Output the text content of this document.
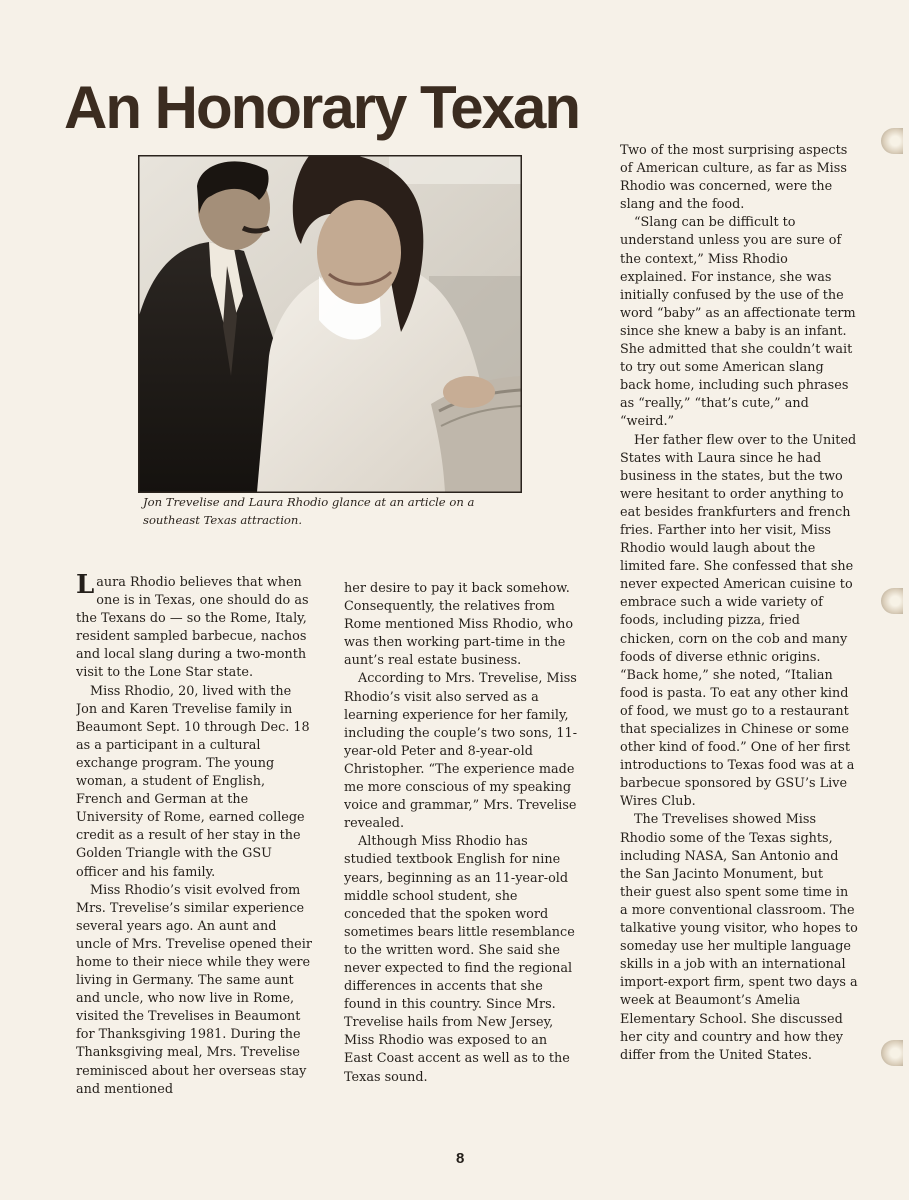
An Honorary Texan

Jon Trevelise and Laura Rhodio glance at an article on a southeast Texas attraction.

Laura Rhodio believes that when one is in Texas, one should do as the Texans do — so the Rome, Italy, resident sampled barbecue, nachos and local slang during a two-month visit to the Lone Star state.

Miss Rhodio, 20, lived with the Jon and Karen Trevelise family in Beaumont Sept. 10 through Dec. 18 as a participant in a cultural exchange program. The young woman, a student of English, French and German at the University of Rome, earned college credit as a result of her stay in the Golden Triangle with the GSU officer and his family.

Miss Rhodio’s visit evolved from Mrs. Trevelise’s similar experience several years ago. An aunt and uncle of Mrs. Trevelise opened their home to their niece while they were living in Germany. The same aunt and uncle, who now live in Rome, visited the Trevelises in Beaumont for Thanksgiving 1981. During the Thanksgiving meal, Mrs. Trevelise reminisced about her overseas stay and mentioned

her desire to pay it back somehow. Consequently, the relatives from Rome mentioned Miss Rhodio, who was then working part-time in the aunt’s real estate business.

According to Mrs. Trevelise, Miss Rhodio’s visit also served as a learning experience for her family, including the couple’s two sons, 11-year-old Peter and 8-year-old Christopher. “The experience made me more conscious of my speaking voice and grammar,” Mrs. Trevelise revealed.

Although Miss Rhodio has studied textbook English for nine years, beginning as an 11-year-old middle school student, she conceded that the spoken word sometimes bears little resemblance to the written word. She said she never expected to find the regional differences in accents that she found in this country. Since Mrs. Trevelise hails from New Jersey, Miss Rhodio was exposed to an East Coast accent as well as to the Texas sound.

Two of the most surprising aspects of American culture, as far as Miss Rhodio was concerned, were the slang and the food.

“Slang can be difficult to understand unless you are sure of the context,” Miss Rhodio explained. For instance, she was initially confused by the use of the word “baby” as an affectionate term since she knew a baby is an infant. She admitted that she couldn’t wait to try out some American slang back home, including such phrases as “really,” “that’s cute,” and “weird.”

Her father flew over to the United States with Laura since he had business in the states, but the two were hesitant to order anything to eat besides frankfurters and french fries. Farther into her visit, Miss Rhodio would laugh about the limited fare. She confessed that she never expected American cuisine to embrace such a wide variety of foods, including pizza, fried chicken, corn on the cob and many foods of diverse ethnic origins. “Back home,” she noted, “Italian food is pasta. To eat any other kind of food, we must go to a restaurant that specializes in Chinese or some other kind of food.” One of her first introductions to Texas food was at a barbecue sponsored by GSU’s Live Wires Club.

The Trevelises showed Miss Rhodio some of the Texas sights, including NASA, San Antonio and the San Jacinto Monument, but their guest also spent some time in a more conventional classroom. The talkative young visitor, who hopes to someday use her multiple language skills in a job with an international import-export firm, spent two days a week at Beaumont’s Amelia Elementary School. She discussed her city and country and how they differ from the United States.

8
